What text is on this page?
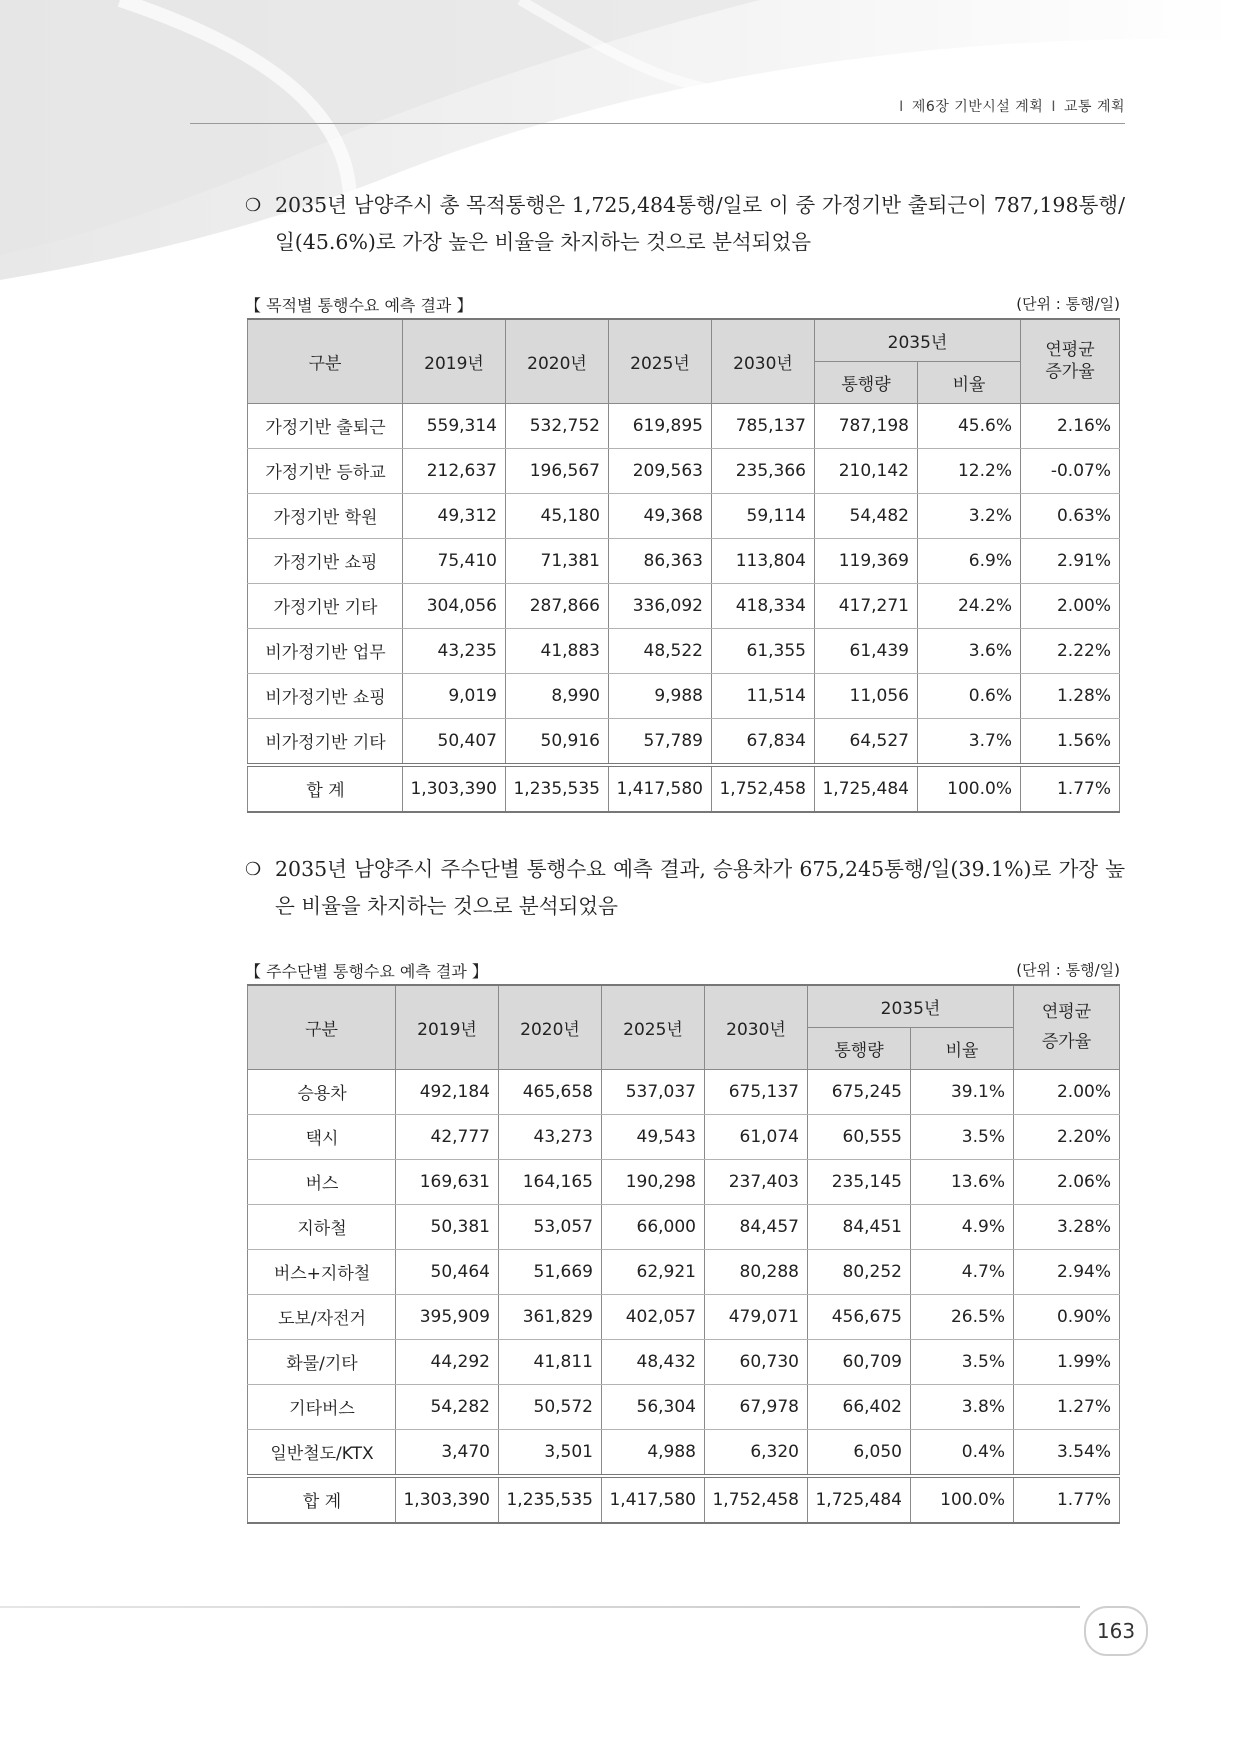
Ⅰ 제6장 기반시설 계획 Ⅰ 교통 계획
❍ 2035년 남양주시 총 목적통행은 1,725,484통행/일로 이 중 가정기반 출퇴근이 787,198통행/일(45.6%)로 가장 높은 비율을 차지하는 것으로 분석되었음
【 목적별 통행수요 예측 결과 】	(단위 : 통행/일)
구분	2019년	2020년	2025년	2030년	2035년		연평균
증가율
					통행량	비율	
가정기반 출퇴근	559,314	532,752	619,895	785,137	787,198	45.6%	2.16%
가정기반 등하교	212,637	196,567	209,563	235,366	210,142	12.2%	-0.07%
가정기반 학원	49,312	45,180	49,368	59,114	54,482	3.2%	0.63%
가정기반 쇼핑	75,410	71,381	86,363	113,804	119,369	6.9%	2.91%
가정기반 기타	304,056	287,866	336,092	418,334	417,271	24.2%	2.00%
비가정기반 업무	43,235	41,883	48,522	61,355	61,439	3.6%	2.22%
비가정기반 쇼핑	9,019	8,990	9,988	11,514	11,056	0.6%	1.28%
비가정기반 기타	50,407	50,916	57,789	67,834	64,527	3.7%	1.56%
합 계	1,303,390	1,235,535	1,417,580	1,752,458	1,725,484	100.0%	1.77%
❍ 2035년 남양주시 주수단별 통행수요 예측 결과, 승용차가 675,245통행/일(39.1%)로 가장 높은 비율을 차지하는 것으로 분석되었음
【 주수단별 통행수요 예측 결과 】	(단위 : 통행/일)
구분	2019년	2020년	2025년	2030년	2035년		연평균
증가율
					통행량	비율	
승용차	492,184	465,658	537,037	675,137	675,245	39.1%	2.00%
택시	42,777	43,273	49,543	61,074	60,555	3.5%	2.20%
버스	169,631	164,165	190,298	237,403	235,145	13.6%	2.06%
지하철	50,381	53,057	66,000	84,457	84,451	4.9%	3.28%
버스+지하철	50,464	51,669	62,921	80,288	80,252	4.7%	2.94%
도보/자전거	395,909	361,829	402,057	479,071	456,675	26.5%	0.90%
화물/기타	44,292	41,811	48,432	60,730	60,709	3.5%	1.99%
기타버스	54,282	50,572	56,304	67,978	66,402	3.8%	1.27%
일반철도/KTX	3,470	3,501	4,988	6,320	6,050	0.4%	3.54%
합 계	1,303,390	1,235,535	1,417,580	1,752,458	1,725,484	100.0%	1.77%
163
